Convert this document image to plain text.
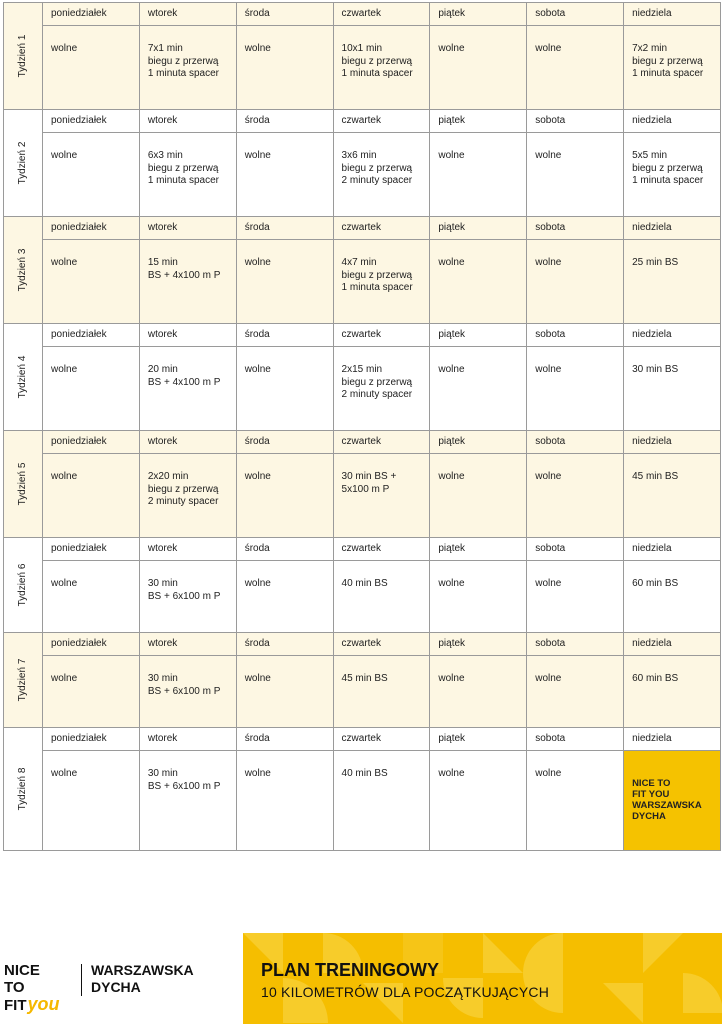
Tydzień 1	poniedziałek	wtorek	środa	czwartek	piątek	sobota	niedziela
	wolne	7x1 min
biegu z przerwą
1 minuta spacer	wolne	10x1 min
biegu z przerwą
1 minuta spacer	wolne	wolne	7x2 min
biegu z przerwą
1 minuta spacer

Tydzień 2	poniedziałek	wtorek	środa	czwartek	piątek	sobota	niedziela
	wolne	6x3 min
biegu z przerwą
1 minuta spacer	wolne	3x6 min
biegu z przerwą
2 minuty spacer	wolne	wolne	5x5 min
biegu z przerwą
1 minuta spacer

Tydzień 3	poniedziałek	wtorek	środa	czwartek	piątek	sobota	niedziela
	wolne	15 min
BS + 4x100 m P	wolne	4x7 min
biegu z przerwą
1 minuta spacer	wolne	wolne	25 min BS

Tydzień 4	poniedziałek	wtorek	środa	czwartek	piątek	sobota	niedziela
	wolne	20 min
BS + 4x100 m P	wolne	2x15 min
biegu z przerwą
2 minuty spacer	wolne	wolne	30 min BS

Tydzień 5	poniedziałek	wtorek	środa	czwartek	piątek	sobota	niedziela
	wolne	2x20 min
biegu z przerwą
2 minuty spacer	wolne	30 min BS +
5x100 m P	wolne	wolne	45 min BS

Tydzień 6	poniedziałek	wtorek	środa	czwartek	piątek	sobota	niedziela
	wolne	30 min
BS + 6x100 m P	wolne	40 min BS	wolne	wolne	60 min BS

Tydzień 7	poniedziałek	wtorek	środa	czwartek	piątek	sobota	niedziela
	wolne	30 min
BS + 6x100 m P	wolne	45 min BS	wolne	wolne	60 min BS

Tydzień 8	poniedziałek	wtorek	środa	czwartek	piątek	sobota	niedziela
	wolne	30 min
BS + 6x100 m P	wolne	40 min BS	wolne	wolne	NICE TO
FIT YOU
WARSZAWSKA
DYCHA
NICE TO
FITyou
WARSZAWSKA
DYCHA
PLAN TRENINGOWY
10 KILOMETRÓW DLA POCZĄTKUJĄCYCH
